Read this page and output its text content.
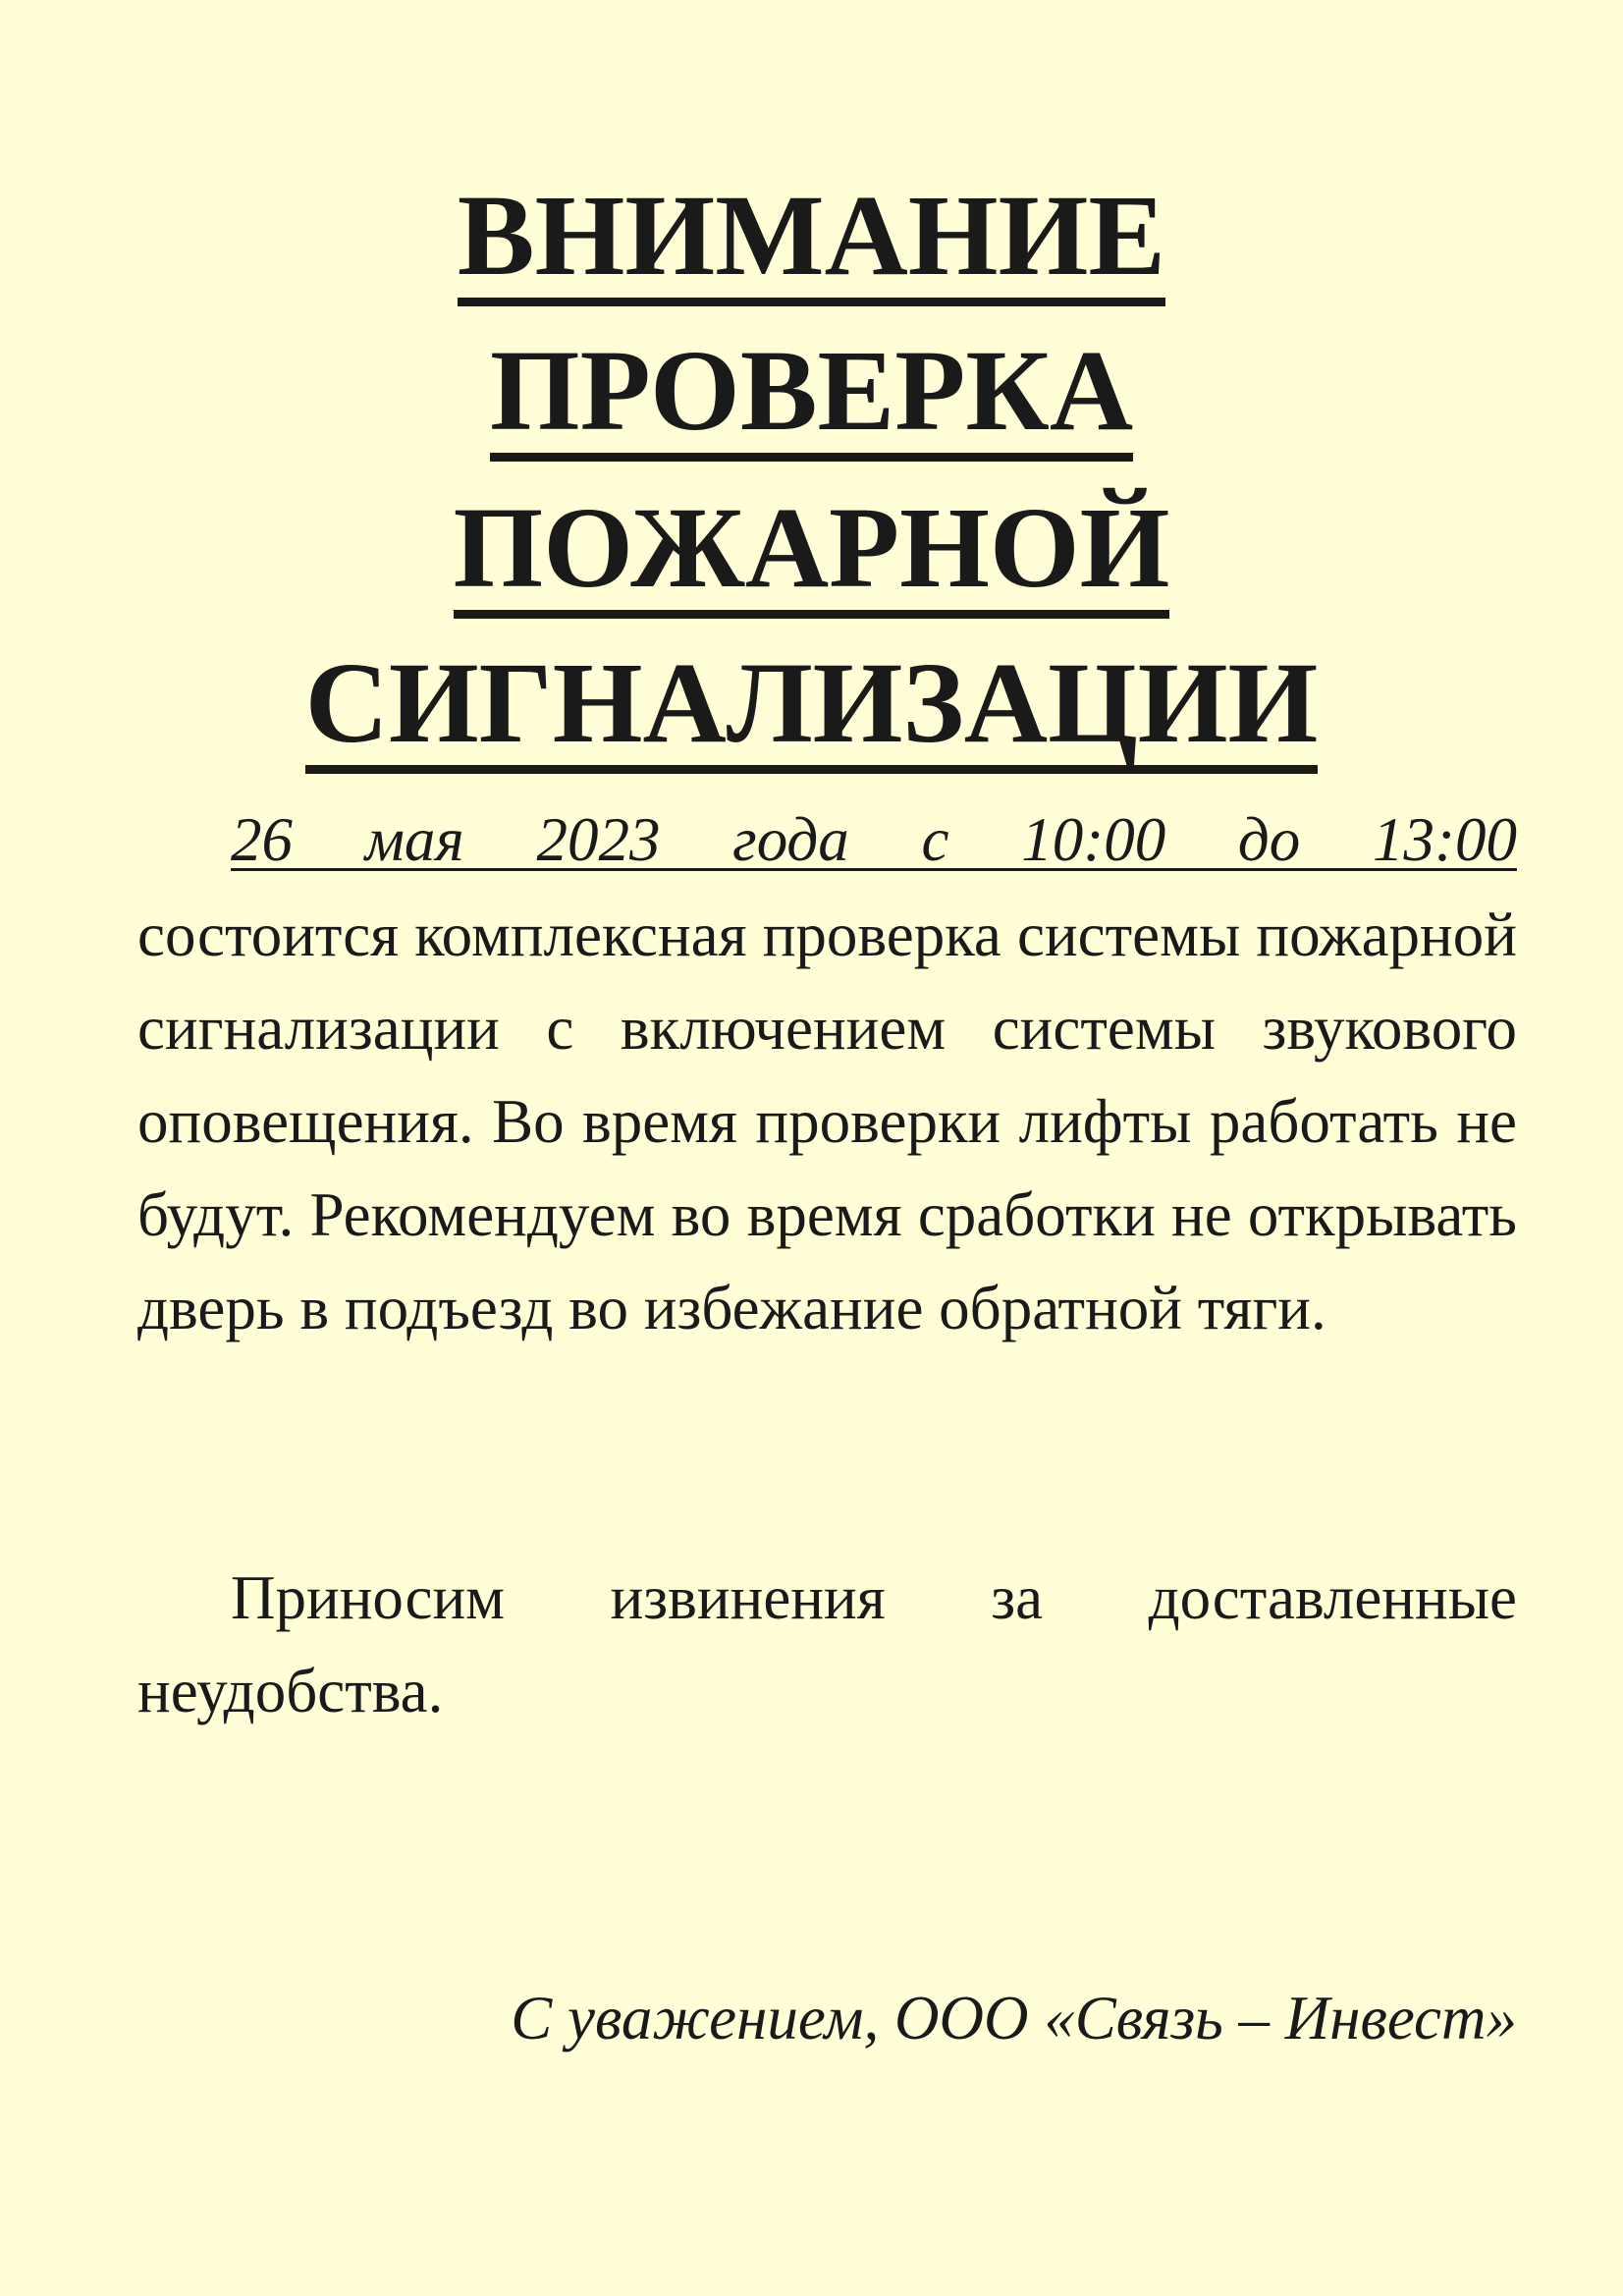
ВНИМАНИЕ
ПРОВЕРКА
ПОЖАРНОЙ
СИГНАЛИЗАЦИИ
26 мая 2023 года с 10:00 до 13:00
состоится комплексная проверка системы пожарной сигнализации с включением системы звукового оповещения. Во время проверки лифты работать не будут. Рекомендуем во время сработки не открывать дверь в подъезд во избежание обратной тяги.
Приносим извинения за доставленные неудобства.
С уважением, ООО «Связь – Инвест»
